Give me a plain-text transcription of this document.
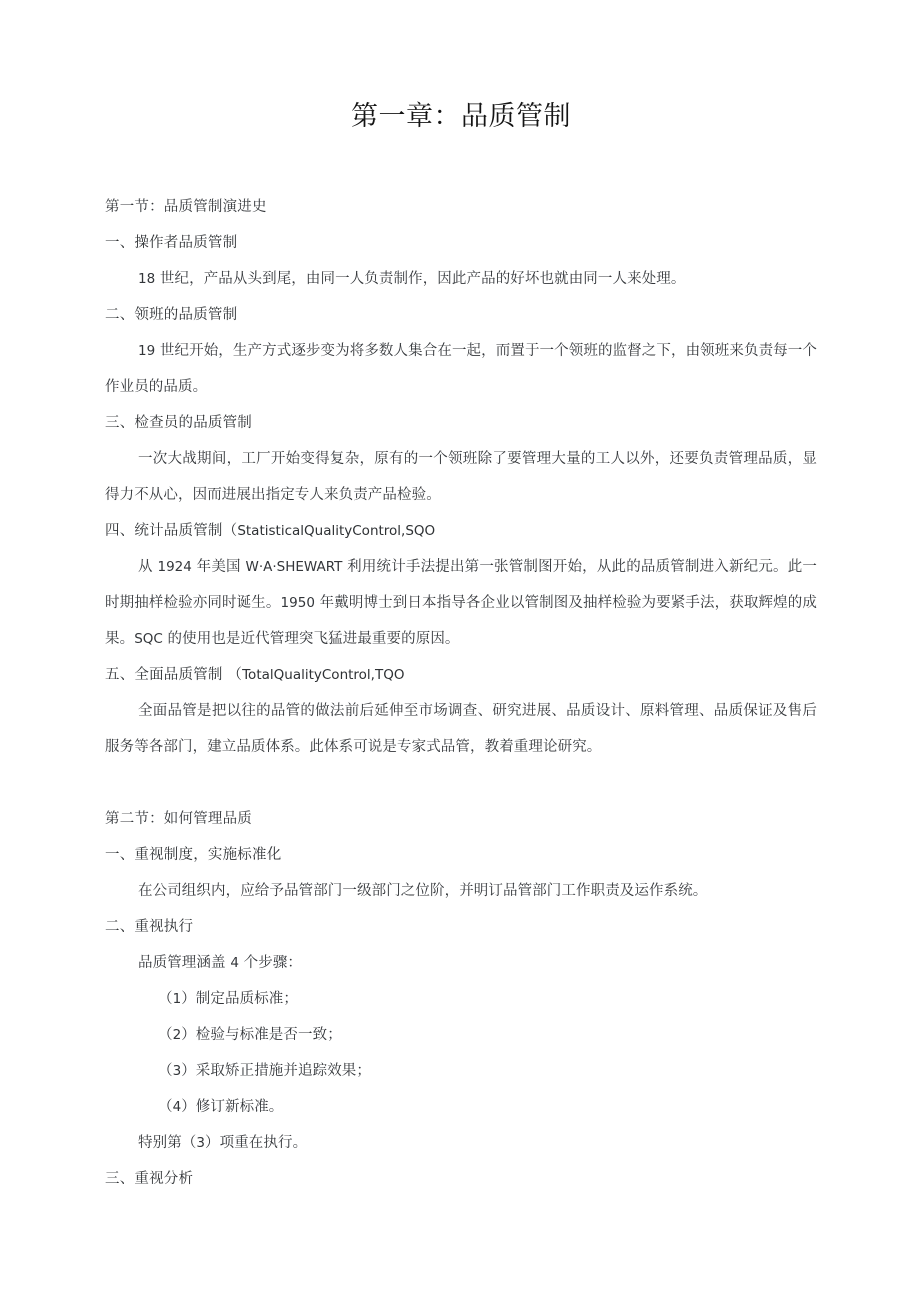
第一章：品质管制
第一节：品质管制演进史
一、操作者品质管制
18 世纪，产品从头到尾，由同一人负责制作，因此产品的好坏也就由同一人来处理。
二、领班的品质管制
19 世纪开始，生产方式逐步变为将多数人集合在一起，而置于一个领班的监督之下，由领班来负责每一个作业员的品质。
三、检查员的品质管制
一次大战期间，工厂开始变得复杂，原有的一个领班除了要管理大量的工人以外，还要负责管理品质，显得力不从心，因而进展出指定专人来负责产品检验。
四、统计品质管制（StatisticalQualityControl,SQO
从 1924 年美国 W·A·SHEWART 利用统计手法提出第一张管制图开始，从此的品质管制进入新纪元。此一时期抽样检验亦同时诞生。1950 年戴明博士到日本指导各企业以管制图及抽样检验为要紧手法，获取辉煌的成果。SQC 的使用也是近代管理突飞猛进最重要的原因。
五、全面品质管制 （TotalQualityControl,TQO
全面品管是把以往的品管的做法前后延伸至市场调查、研究进展、品质设计、原料管理、品质保证及售后服务等各部门，建立品质体系。此体系可说是专家式品管，教着重理论研究。
第二节：如何管理品质
一、重视制度，实施标准化
在公司组织内，应给予品管部门一级部门之位阶，并明订品管部门工作职责及运作系统。
二、重视执行
品质管理涵盖 4 个步骤：
（1）制定品质标准；
（2）检验与标准是否一致；
（3）采取矫正措施并追踪效果；
（4）修订新标准。
特别第（3）项重在执行。
三、重视分析
